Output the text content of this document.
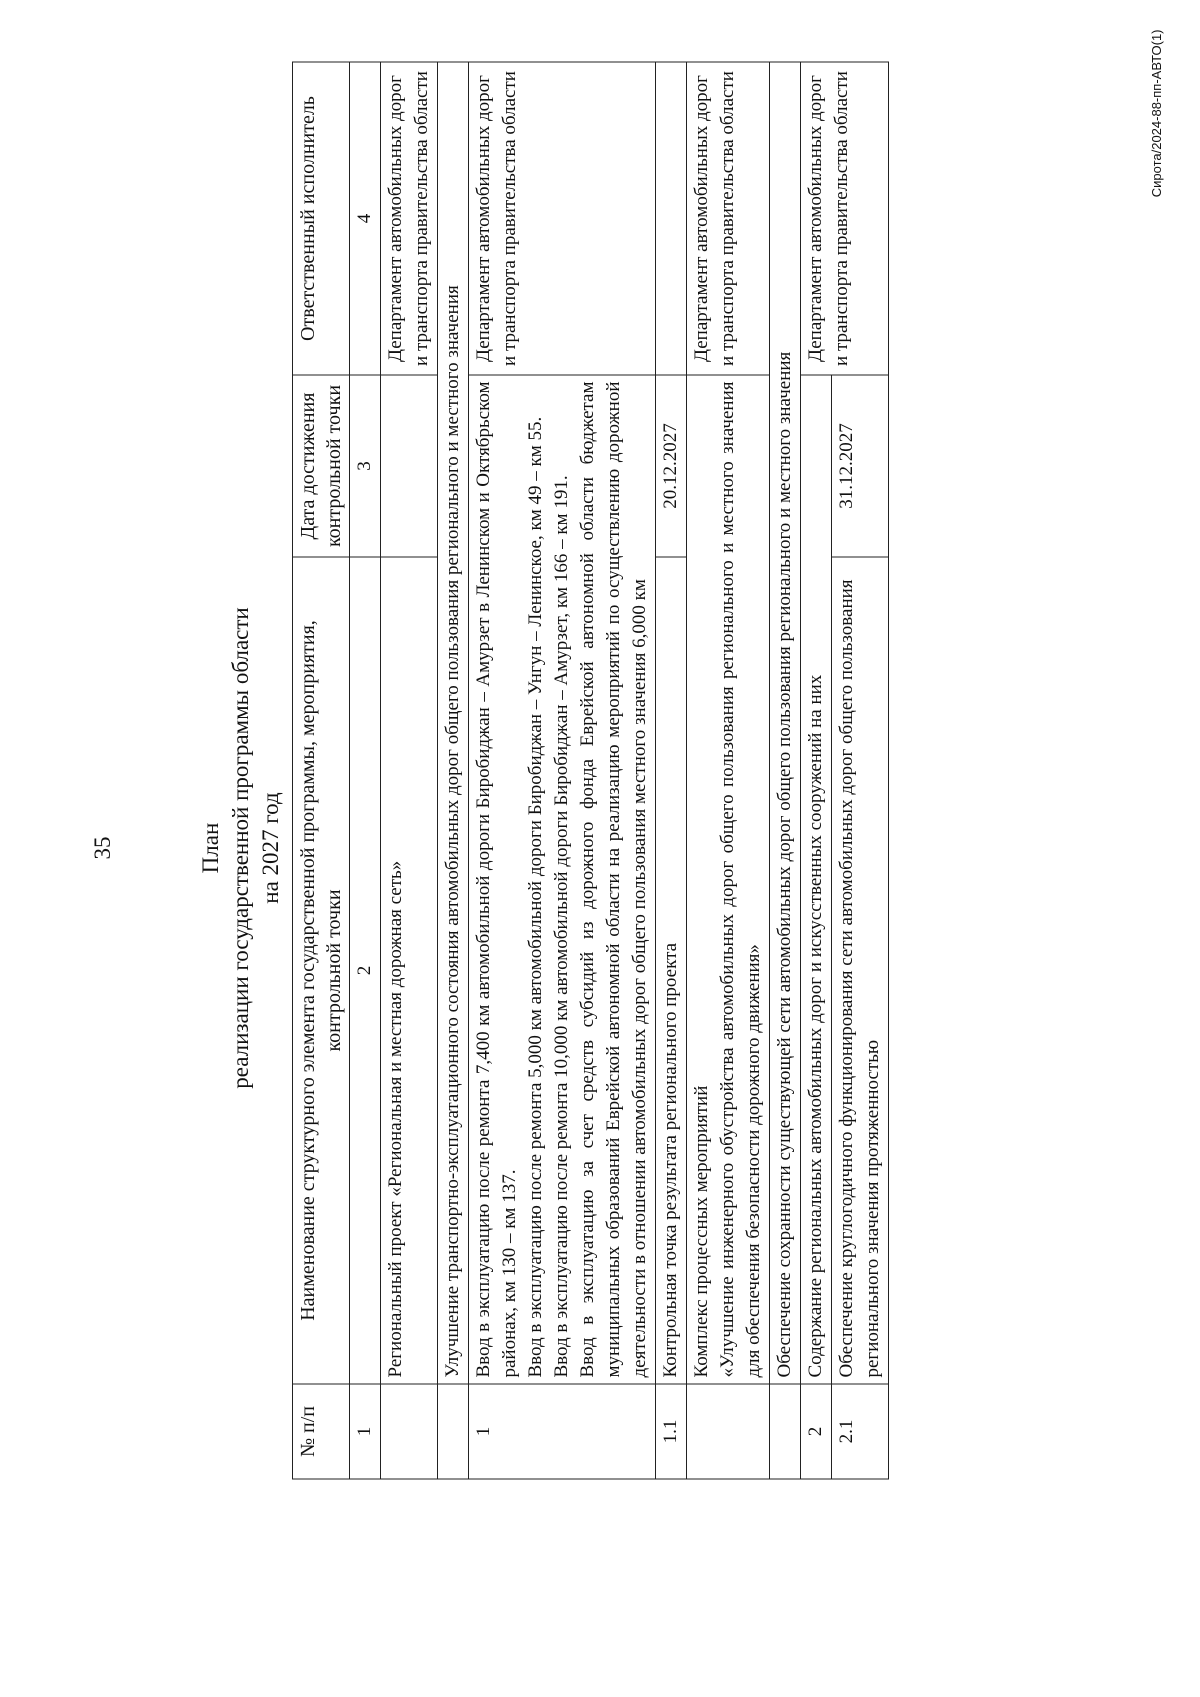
35	План реализации государственной программы области на 2027 год
№ п/п	Наименование структурного элемента государственной программы, мероприятия, контрольной точки	Дата достижения контрольной точки	Ответственный исполнитель
1	2	3	4
	Региональный проект «Региональная и местная дорожная сеть»		Департамент автомобильных дорог и транспорта правительства области
	Улучшение транспортно-эксплуатационного состояния автомобильных дорог общего пользования регионального и местного значения		
1	Ввод в эксплуатацию после ремонта 7,400 км автомобильной дороги Биробиджан – Амурзет в Ленинском и Октябрьском районах, км 130 – км 137. Ввод в эксплуатацию после ремонта 5,000 км автомобильной дороги Биробиджан – Унгун – Ленинское, км 49 – км 55. Ввод в эксплуатацию после ремонта 10,000 км автомобильной дороги Биробиджан – Амурзет, км 166 – км 191. Ввод в эксплуатацию за счет средств субсидий из дорожного фонда Еврейской автономной области бюджетам муниципальных образований Еврейской автономной области на реализацию мероприятий по осуществлению дорожной деятельности в отношении автомобильных дорог общего пользования местного значения 6,000 км		Департамент автомобильных дорог и транспорта правительства области
1.1	Контрольная точка результата регионального проекта	20.12.2027	

	Комплекс процессных мероприятий «Улучшение инженерного обустройства автомобильных дорог общего пользования регионального и местного значения для обеспечения безопасности дорожного движения»		Департамент автомобильных дорог и транспорта правительства области
	Обеспечение сохранности существующей сети автомобильных дорог общего пользования регионального и местного значения		
2	Содержание региональных автомобильных дорог и искусственных сооружений на них		Департамент автомобильных дорог и транспорта правительства области
2.1	Обеспечение круглогодичного функционирования сети автомобильных дорог общего пользования регионального значения протяженностью	31.12.2027	
Сирота/2024-88-пп-АВТО(1)
